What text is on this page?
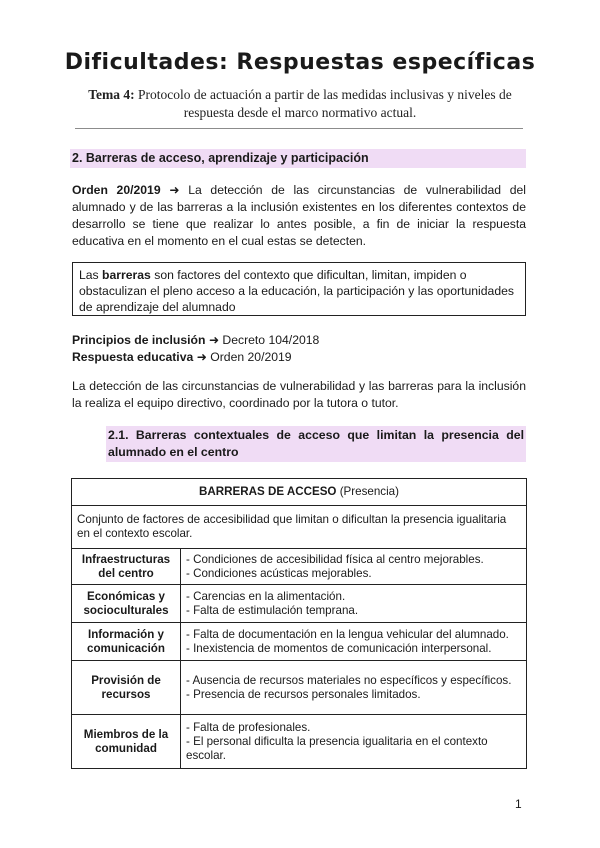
Dificultades: Respuestas específicas
Tema 4: Protocolo de actuación a partir de las medidas inclusivas y niveles de respuesta desde el marco normativo actual.
2. Barreras de acceso, aprendizaje y participación
Orden 20/2019 ➜ La detección de las circunstancias de vulnerabilidad del alumnado y de las barreras a la inclusión existentes en los diferentes contextos de desarrollo se tiene que realizar lo antes posible, a fin de iniciar la respuesta educativa en el momento en el cual estas se detecten.
Las barreras son factores del contexto que dificultan, limitan, impiden o obstaculizan el pleno acceso a la educación, la participación y las oportunidades de aprendizaje del alumnado
Principios de inclusión ➜ Decreto 104/2018
Respuesta educativa ➜ Orden 20/2019
La detección de las circunstancias de vulnerabilidad y las barreras para la inclusión la realiza el equipo directivo, coordinado por la tutora o tutor.
2.1. Barreras contextuales de acceso que limitan la presencia del alumnado en el centro
BARRERAS DE ACCESO (Presencia)	
Conjunto de factores de accesibilidad que limitan o dificultan la presencia igualitaria en el contexto escolar.	
Infraestructuras del centro	- Condiciones de accesibilidad física al centro mejorables.
- Condiciones acústicas mejorables.

Económicas y socioculturales	- Carencias en la alimentación.
- Falta de estimulación temprana.

Información y comunicación	- Falta de documentación en la lengua vehicular del alumnado.
- Inexistencia de momentos de comunicación interpersonal.

Provisión de recursos	- Ausencia de recursos materiales no específicos y específicos.
- Presencia de recursos personales limitados.

Miembros de la comunidad	- Falta de profesionales.
- El personal dificulta la presencia igualitaria en el contexto escolar.
1
